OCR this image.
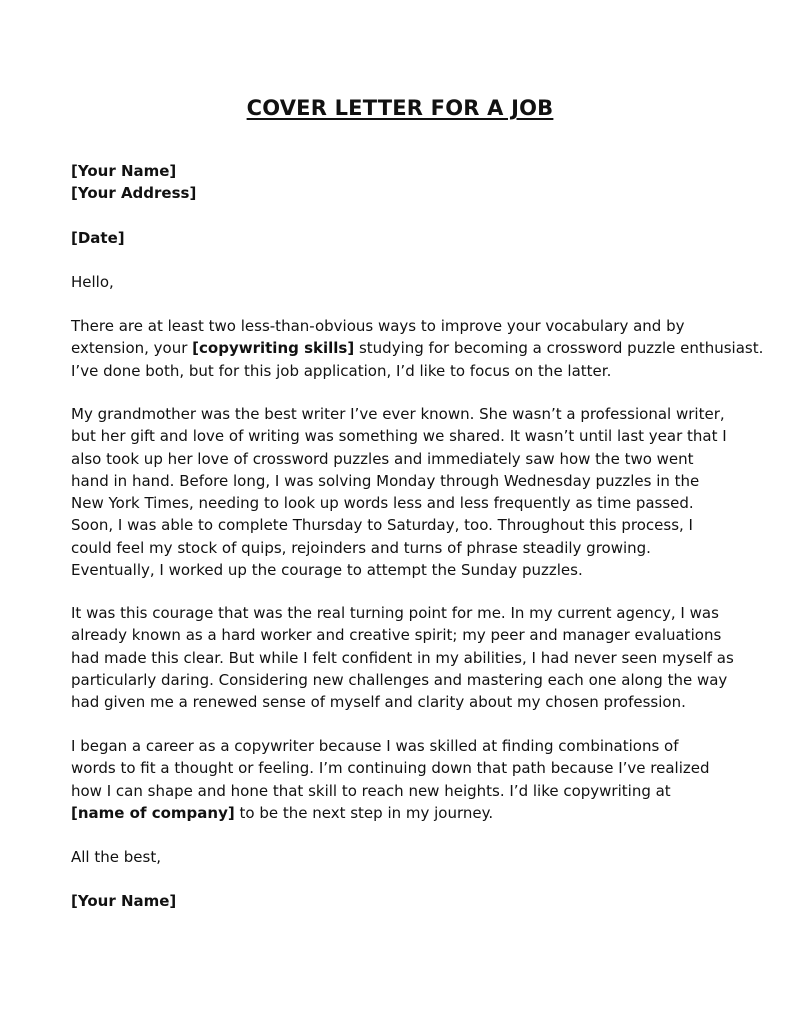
COVER LETTER FOR A JOB
[Your Name]
[Your Address]
[Date]
Hello,

There are at least two less-than-obvious ways to improve your vocabulary and by

extension, your [copywriting skills] studying for becoming a crossword puzzle enthusiast.

I’ve done both, but for this job application, I’d like to focus on the latter.

My grandmother was the best writer I’ve ever known. She wasn’t a professional writer,

but her gift and love of writing was something we shared. It wasn’t until last year that I

also took up her love of crossword puzzles and immediately saw how the two went

hand in hand. Before long, I was solving Monday through Wednesday puzzles in the

New York Times, needing to look up words less and less frequently as time passed.

Soon, I was able to complete Thursday to Saturday, too. Throughout this process, I

could feel my stock of quips, rejoinders and turns of phrase steadily growing.

Eventually, I worked up the courage to attempt the Sunday puzzles.

It was this courage that was the real turning point for me. In my current agency, I was

already known as a hard worker and creative spirit; my peer and manager evaluations

had made this clear. But while I felt confident in my abilities, I had never seen myself as

particularly daring. Considering new challenges and mastering each one along the way

had given me a renewed sense of myself and clarity about my chosen profession.

I began a career as a copywriter because I was skilled at finding combinations of

words to fit a thought or feeling. I’m continuing down that path because I’ve realized

how I can shape and hone that skill to reach new heights. I’d like copywriting at

[name of company] to be the next step in my journey.

All the best,
[Your Name]
